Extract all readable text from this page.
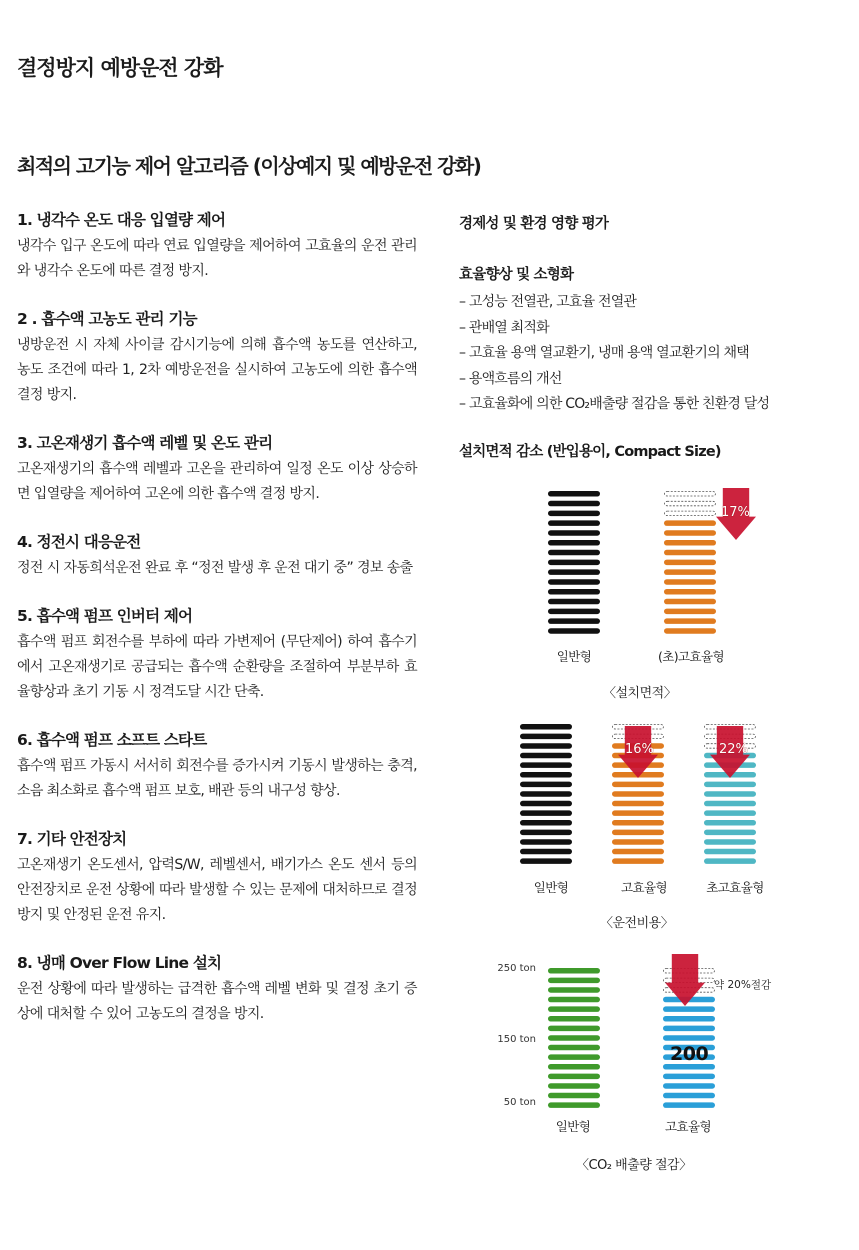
결정방지 예방운전 강화
최적의 고기능 제어 알고리즘 (이상예지 및 예방운전 강화)
1. 냉각수 온도 대응 입열량 제어

냉각수 입구 온도에 따라 연료 입열량을 제어하여 고효율의 운전 관리와 냉각수 온도에 따른 결정 방지.

2 . 흡수액 고농도 관리 기능

냉방운전 시 자체 사이클 감시기능에 의해 흡수액 농도를 연산하고, 농도 조건에 따라 1, 2차 예방운전을 실시하여 고농도에 의한 흡수액 결정 방지.

3. 고온재생기 흡수액 레벨 및 온도 관리

고온재생기의 흡수액 레벨과 고온을 관리하여 일정 온도 이상 상승하면 입열량을 제어하여 고온에 의한 흡수액 결정 방지.

4. 정전시 대응운전

정전 시 자동희석운전 완료 후 “정전 발생 후 운전 대기 중” 경보 송출

5. 흡수액 펌프 인버터 제어

흡수액 펌프 회전수를 부하에 따라 가변제어 (무단제어) 하여 흡수기에서 고온재생기로 공급되는 흡수액 순환량을 조절하여 부분부하 효율향상과 초기 기동 시 정격도달 시간 단축.

6. 흡수액 펌프 소프트 스타트

흡수액 펌프 가동시 서서히 회전수를 증가시켜 기동시 발생하는 충격, 소음 최소화로 흡수액 펌프 보호, 배관 등의 내구성 향상.

7. 기타 안전장치

고온재생기 온도센서, 압력S/W, 레벨센서, 배기가스 온도 센서 등의 안전장치로 운전 상황에 따라 발생할 수 있는 문제에 대처하므로 결정방지 및 안정된 운전 유지.

8. 냉매 Over Flow Line 설치

운전 상황에 따라 발생하는 급격한 흡수액 레벨 변화 및 결정 초기 증상에 대처할 수 있어 고농도의 결정을 방지.

경제성 및 환경 영향 평가

효율향상 및 소형화

– 고성능 전열관, 고효율 전열관
– 관배열 최적화
– 고효율 용액 열교환기, 냉매 용액 열교환기의 채택
– 용액흐름의 개선
– 고효율화에 의한 CO₂배출량 절감을 통한 친환경 달성

설치면적 감소 (반입용이, Compact Size)

일반형	(초)고효율형
17%
〈설치면적〉
일반형	고효율형	초고효율형
16%	22%
〈운전비용〉
250 ton
150 ton
50 ton
약 20%절감
200
일반형	고효율형
〈CO₂ 배출량 절감〉
